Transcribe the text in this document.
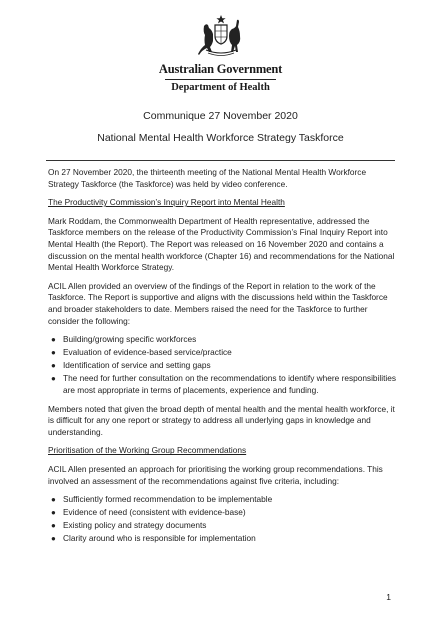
Australian Government
Department of Health
Communique 27 November 2020
National Mental Health Workforce Strategy Taskforce

On 27 November 2020, the thirteenth meeting of the National Mental Health Workforce Strategy Taskforce (the Taskforce) was held by video conference.

The Productivity Commission’s Inquiry Report into Mental Health

Mark Roddam, the Commonwealth Department of Health representative, addressed the Taskforce members on the release of the Productivity Commission’s Final Inquiry Report into Mental Health (the Report). The Report was released on 16 November 2020 and contains a discussion on the mental health workforce (Chapter 16) and recommendations for the National Mental Health Workforce Strategy.

ACIL Allen provided an overview of the findings of the Report in relation to the work of the Taskforce. The Report is supportive and aligns with the discussions held within the Taskforce and broader stakeholders to date. Members raised the need for the Taskforce to further consider the following:

● Building/growing specific workforces
● Evaluation of evidence-based service/practice
● Identification of service and setting gaps
● The need for further consultation on the recommendations to identify where responsibilities are most appropriate in terms of placements, experience and funding.

Members noted that given the broad depth of mental health and the mental health workforce, it is difficult for any one report or strategy to address all underlying gaps in knowledge and understanding.

Prioritisation of the Working Group Recommendations

ACIL Allen presented an approach for prioritising the working group recommendations. This involved an assessment of the recommendations against five criteria, including:

● Sufficiently formed recommendation to be implementable
● Evidence of need (consistent with evidence-base)
● Existing policy and strategy documents
● Clarity around who is responsible for implementation
1
